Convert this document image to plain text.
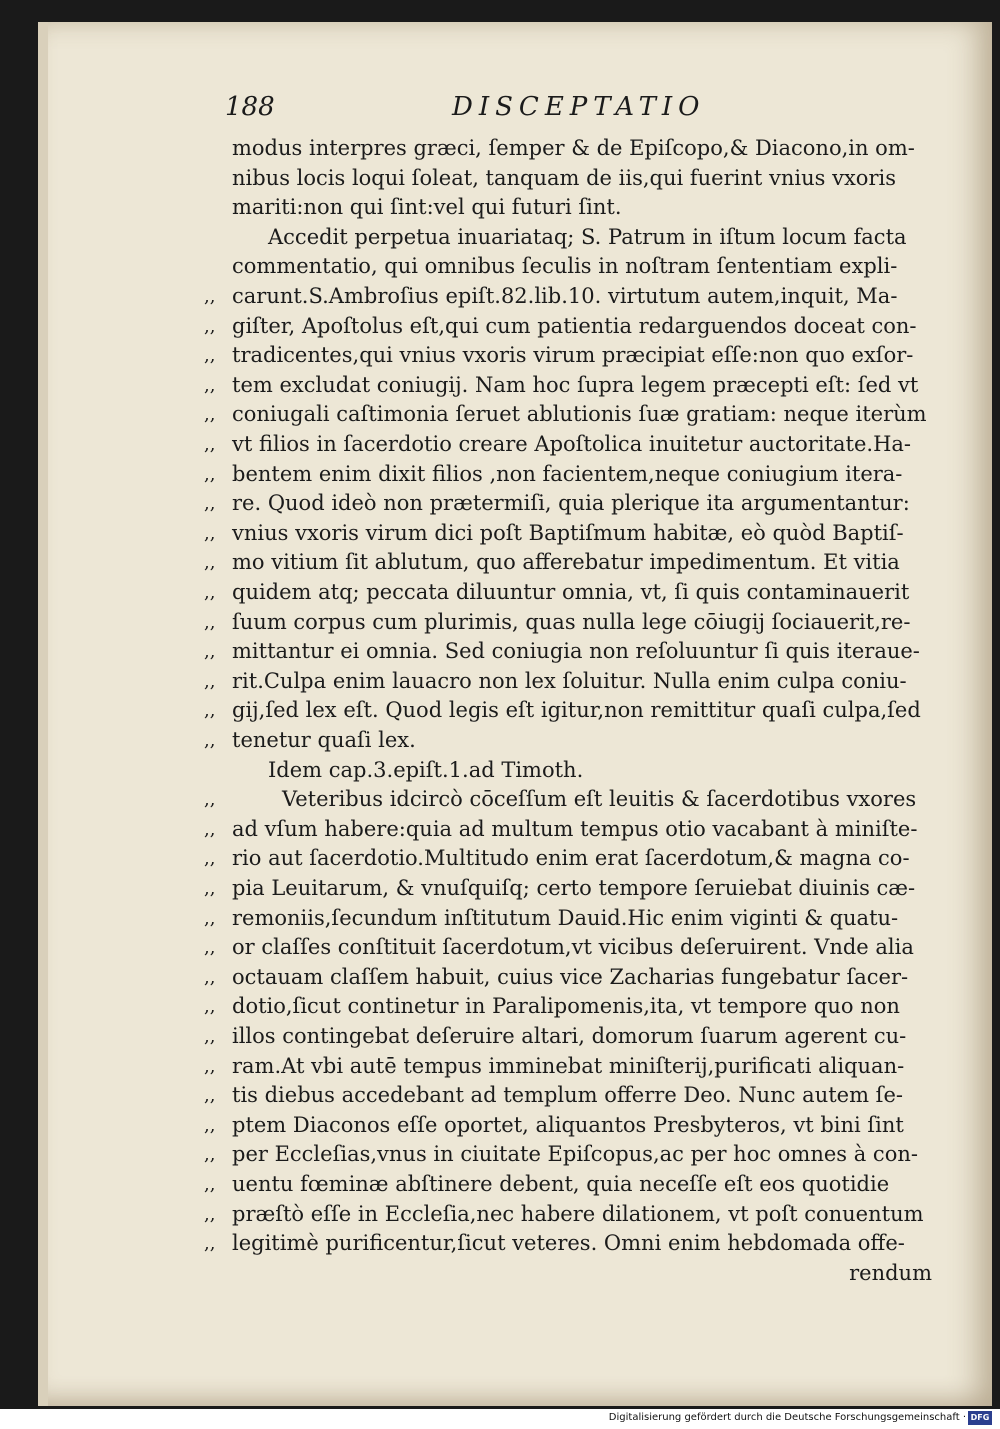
188	DISCEPTATIO
modus interpres græci, ſemper & de Epiſcopo,& Diacono,in om-
nibus locis loqui ſoleat, tanquam de iis,qui fuerint vnius vxoris
mariti:non qui ſint:vel qui futuri ſint.
Accedit perpetua inuariataq; S. Patrum in iſtum locum facta
commentatio, qui omnibus ſeculis in noſtram ſententiam expli-
,, carunt.S.Ambroſius epiſt.82.lib.10. virtutum autem,inquit, Ma-
,, giſter, Apoſtolus eſt,qui cum patientia redarguendos doceat con-
,, tradicentes,qui vnius vxoris virum præcipiat eſſe:non quo exſor-
,, tem excludat coniugij. Nam hoc ſupra legem præcepti eſt: ſed vt
,, coniugali caſtimonia ſeruet ablutionis ſuæ gratiam: neque iterùm
,, vt filios in ſacerdotio creare Apoſtolica inuitetur auctoritate.Ha-
,, bentem enim dixit filios ,non facientem,neque coniugium itera-
,, re. Quod ideò non prætermiſi, quia plerique ita argumentantur:
,, vnius vxoris virum dici poſt Baptiſmum habitæ, eò quòd Baptiſ-
,, mo vitium ſit ablutum, quo afferebatur impedimentum. Et vitia
,, quidem atq; peccata diluuntur omnia, vt, ſi quis contaminauerit
,, ſuum corpus cum plurimis, quas nulla lege cōiugij ſociauerit,re-
,, mittantur ei omnia. Sed coniugia non reſoluuntur ſi quis iteraue-
,, rit.Culpa enim lauacro non lex ſoluitur. Nulla enim culpa coniu-
,, gij,ſed lex eſt. Quod legis eſt igitur,non remittitur quaſi culpa,ſed
,, tenetur quaſi lex.
Idem cap.3.epiſt.1.ad Timoth.
,,	Veteribus idcircò cōceſſum eſt leuitis & ſacerdotibus vxores
,, ad vſum habere:quia ad multum tempus otio vacabant à miniſte-
,, rio aut ſacerdotio.Multitudo enim erat ſacerdotum,& magna co-
,, pia Leuitarum, & vnuſquiſq; certo tempore ſeruiebat diuinis cæ-
,, remoniis,ſecundum inſtitutum Dauid.Hic enim viginti & quatu-
,, or claſſes conſtituit ſacerdotum,vt vicibus deſeruirent. Vnde alia
,, octauam claſſem habuit, cuius vice Zacharias fungebatur ſacer-
,, dotio,ſicut continetur in Paralipomenis,ita, vt tempore quo non
,, illos contingebat deſeruire altari, domorum ſuarum agerent cu-
,, ram.At vbi autē tempus imminebat miniſterij,purificati aliquan-
,, tis diebus accedebant ad templum offerre Deo. Nunc autem ſe-
,, ptem Diaconos eſſe oportet, aliquantos Presbyteros, vt bini ſint
,, per Eccleſias,vnus in ciuitate Epiſcopus,ac per hoc omnes à con-
,, uentu fœminæ abſtinere debent, quia neceſſe eſt eos quotidie
,, præſtò eſſe in Eccleſia,nec habere dilationem, vt poſt conuentum
,, legitimè purificentur,ſicut veteres. Omni enim hebdomada offe-
rendum
Digitalisierung gefördert durch die Deutsche Forschungsgemeinschaft · DFG
